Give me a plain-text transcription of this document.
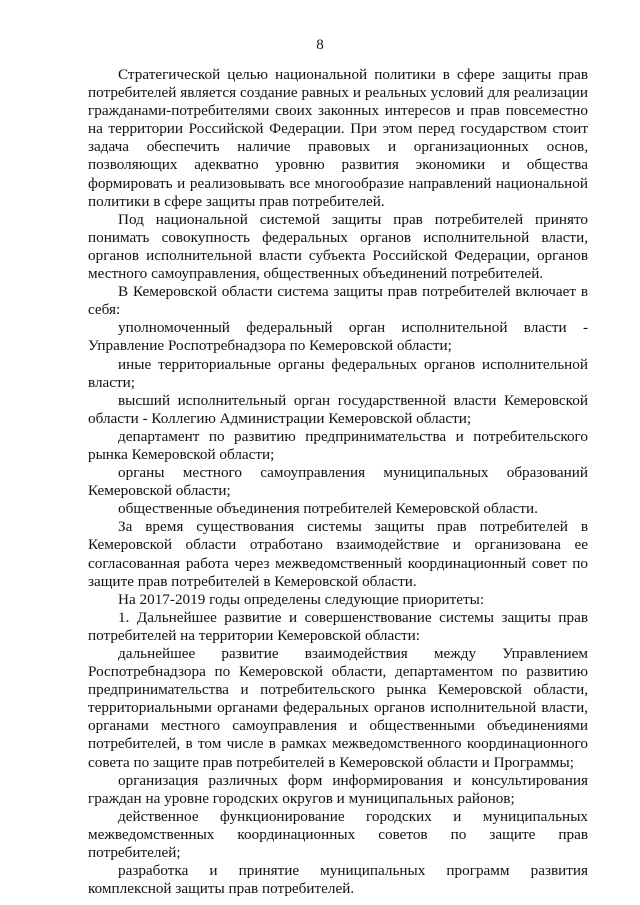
8

Стратегической целью национальной политики в сфере защиты прав потребителей является создание равных и реальных условий для реализации гражданами-потребителями своих законных интересов и прав повсеместно на территории Российской Федерации. При этом перед государством стоит задача обеспечить наличие правовых и организационных основ, позволяющих адекватно уровню развития экономики и общества формировать и реализовывать все многообразие направлений национальной политики в сфере защиты прав потребителей.

Под национальной системой защиты прав потребителей принято понимать совокупность федеральных органов исполнительной власти, органов исполнительной власти субъекта Российской Федерации, органов местного самоуправления, общественных объединений потребителей.

В Кемеровской области система защиты прав потребителей включает в себя:

уполномоченный федеральный орган исполнительной власти - Управление Роспотребнадзора по Кемеровской области;

иные территориальные органы федеральных органов исполнительной власти;

высший исполнительный орган государственной власти Кемеровской области - Коллегию Администрации Кемеровской области;

департамент по развитию предпринимательства и потребительского рынка Кемеровской области;

органы местного самоуправления муниципальных образований Кемеровской области;

общественные объединения потребителей Кемеровской области.

За время существования системы защиты прав потребителей в Кемеровской области отработано взаимодействие и организована ее согласованная работа через межведомственный координационный совет по защите прав потребителей в Кемеровской области.

На 2017-2019 годы определены следующие приоритеты:

1. Дальнейшее развитие и совершенствование системы защиты прав потребителей на территории Кемеровской области:

дальнейшее развитие взаимодействия между Управлением Роспотребнадзора по Кемеровской области, департаментом по развитию предпринимательства и потребительского рынка Кемеровской области, территориальными органами федеральных органов исполнительной власти, органами местного самоуправления и общественными объединениями потребителей, в том числе в рамках межведомственного координационного совета по защите прав потребителей в Кемеровской области и Программы;

организация различных форм информирования и консультирования граждан на уровне городских округов и муниципальных районов;

действенное функционирование городских и муниципальных межведомственных координационных советов по защите прав потребителей;

разработка и принятие муниципальных программ развития комплексной защиты прав потребителей.
